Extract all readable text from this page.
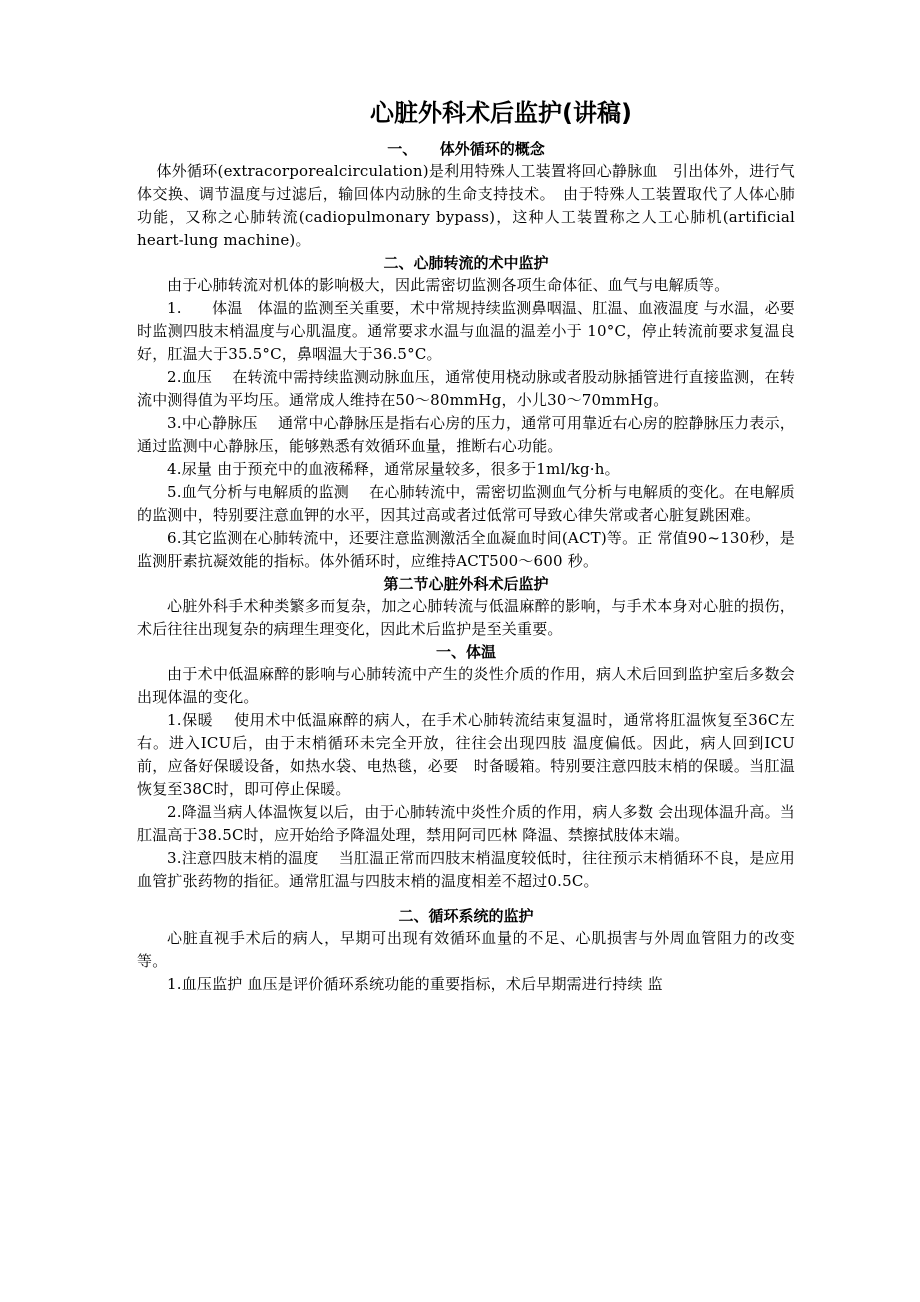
心脏外科术后监护(讲稿)
一、　　体外循环的概念

体外循环(extracorporealcirculation)是利用特殊人工装置将回心静脉血　引出体外，进行气体交换、调节温度与过滤后，输回体内动脉的生命支持技术。　由于特殊人工装置取代了人体心肺功能，又称之心肺转流(cadiopulmonary bypass)，这种人工装置称之人工心肺机(artificial heart-lung machine)。

二、心肺转流的术中监护

由于心肺转流对机体的影响极大，因此需密切监测各项生命体征、血气与电解质等。

1.　　体温　体温的监测至关重要，术中常规持续监测鼻咽温、肛温、血液温度 与水温，必要时监测四肢末梢温度与心肌温度。通常要求水温与血温的温差小于 10°C，停止转流前要求复温良好，肛温大于35.5°C，鼻咽温大于36.5°C。

2.血压　 在转流中需持续监测动脉血压，通常使用桡动脉或者股动脉插管进行直接监测，在转流中测得值为平均压。通常成人维持在50～80mmHg，小儿30～70mmHg。

3.中心静脉压　 通常中心静脉压是指右心房的压力，通常可用靠近右心房的腔静脉压力表示，通过监测中心静脉压，能够熟悉有效循环血量，推断右心功能。

4.尿量 由于预充中的血液稀释，通常尿量较多，很多于1ml/kg·h。

5.血气分析与电解质的监测　 在心肺转流中，需密切监测血气分析与电解质的变化。在电解质的监测中，特别要注意血钾的水平，因其过高或者过低常可导致心律失常或者心脏复跳困难。

6.其它监测在心肺转流中，还要注意监测激活全血凝血时间(ACT)等。正 常值90~130秒，是监测肝素抗凝效能的指标。体外循环时，应维持ACT500～600 秒。

第二节心脏外科术后监护

心脏外科手术种类繁多而复杂，加之心肺转流与低温麻醉的影响，与手术本身对心脏的损伤，术后往往出现复杂的病理生理变化，因此术后监护是至关重要。

一、体温

由于术中低温麻醉的影响与心肺转流中产生的炎性介质的作用，病人术后回到监护室后多数会出现体温的变化。

1.保暖　 使用术中低温麻醉的病人，在手术心肺转流结束复温时，通常将肛温恢复至36C左右。进入ICU后，由于末梢循环未完全开放，往往会出现四肢 温度偏低。因此，病人回到ICU前，应备好保暖设备，如热水袋、电热毯，必要　时备暖箱。特别要注意四肢末梢的保暖。当肛温恢复至38C时，即可停止保暖。

2.降温当病人体温恢复以后，由于心肺转流中炎性介质的作用，病人多数 会出现体温升高。当肛温高于38.5C时，应开始给予降温处理，禁用阿司匹林 降温、禁擦拭肢体末端。

3.注意四肢末梢的温度　 当肛温正常而四肢末梢温度较低时，往往预示末梢循环不良，是应用血管扩张药物的指征。通常肛温与四肢末梢的温度相差不超过0.5C。

二、循环系统的监护

心脏直视手术后的病人，早期可出现有效循环血量的不足、心肌损害与外周血管阻力的改变等。

1.血压监护 血压是评价循环系统功能的重要指标，术后早期需进行持续 监
